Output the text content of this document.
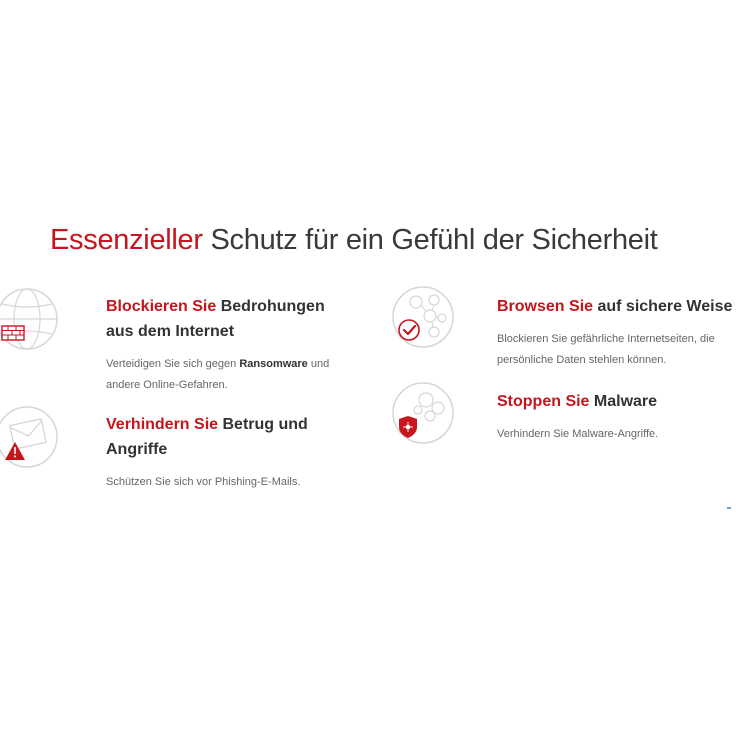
Essenzieller Schutz für ein Gefühl der Sicherheit

Blockieren Sie Bedrohungen aus dem Internet

Verteidigen Sie sich gegen Ransomware und andere Online-Gefahren.

Verhindern Sie Betrug und Angriffe

Schützen Sie sich vor Phishing-E-Mails.

Browsen Sie auf sichere Weise

Blockieren Sie gefährliche Internetseiten, die
persönliche Daten stehlen können.

Stoppen Sie Malware

Verhindern Sie Malware-Angriffe.
